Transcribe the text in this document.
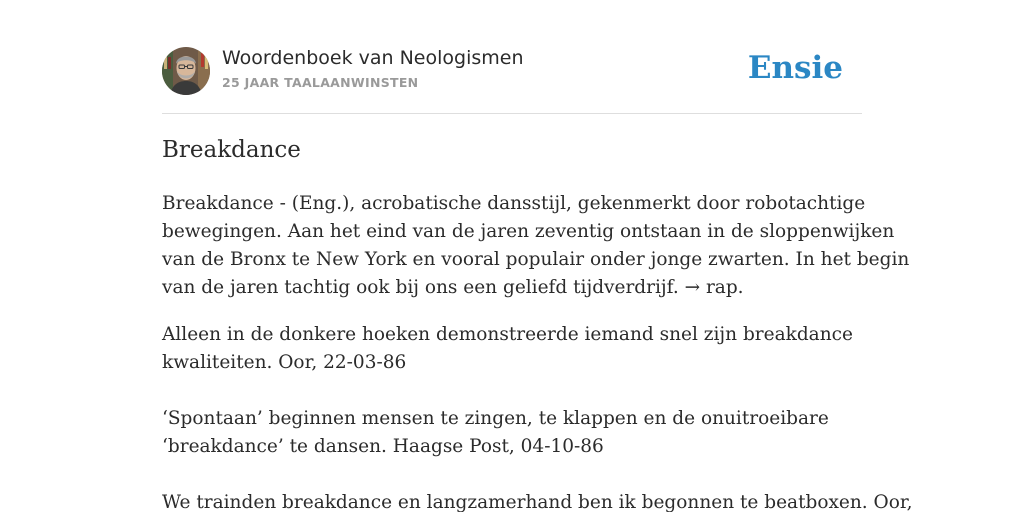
Woordenboek van Neologismen
25 JAAR TAALAANWINSTEN	Ensie
Breakdance
Breakdance - (Eng.), acrobatische dansstijl, gekenmerkt door robotachtige
bewegingen. Aan het eind van de jaren zeventig ontstaan in de sloppenwijken
van de Bronx te New York en vooral populair onder jonge zwarten. In het begin
van de jaren tachtig ook bij ons een geliefd tijdverdrijf. → rap.
Alleen in de donkere hoeken demonstreerde iemand snel zijn breakdance
kwaliteiten. Oor, 22-03-86
‘Spontaan’ beginnen mensen te zingen, te klappen en de onuitroeibare
‘breakdance’ te dansen. Haagse Post, 04-10-86
We trainden breakdance en langzamerhand ben ik begonnen te beatboxen. Oor,
